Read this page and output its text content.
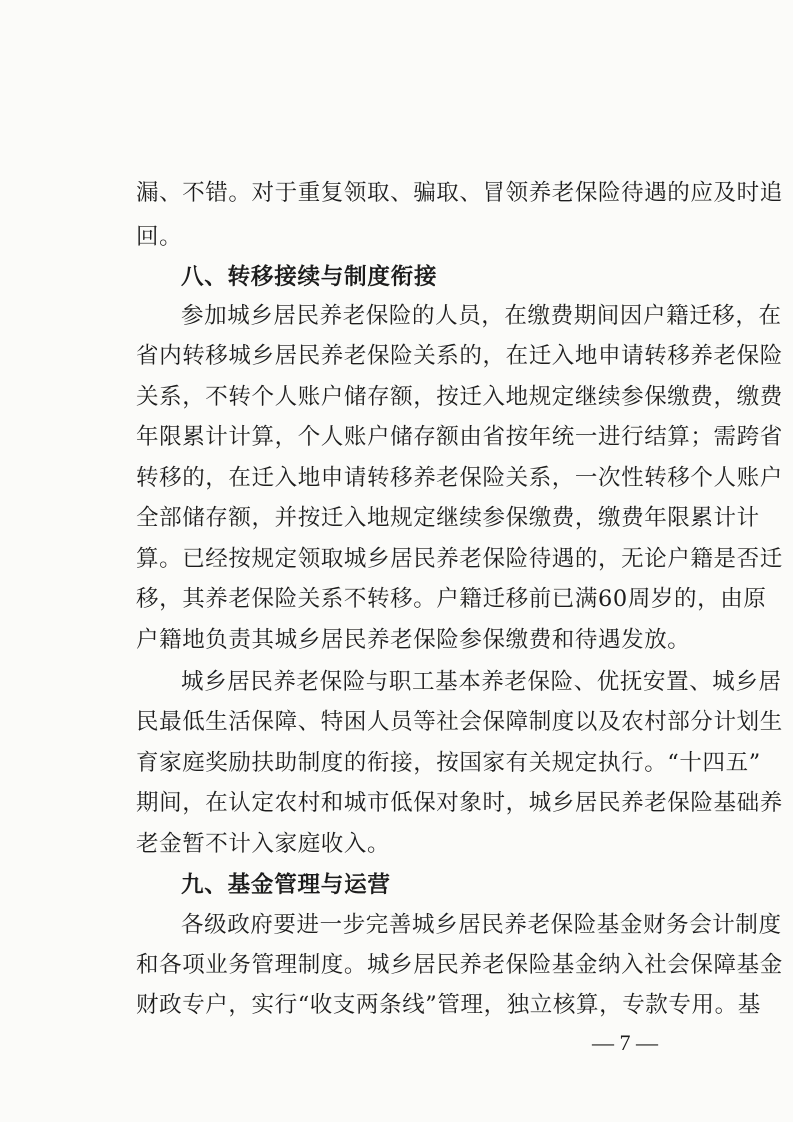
漏、不错。对于重复领取、骗取、冒领养老保险待遇的应及时追
回。
八、转移接续与制度衔接
参加城乡居民养老保险的人员，在缴费期间因户籍迁移，在
省内转移城乡居民养老保险关系的，在迁入地申请转移养老保险
关系，不转个人账户储存额，按迁入地规定继续参保缴费，缴费
年限累计计算，个人账户储存额由省按年统一进行结算；需跨省
转移的，在迁入地申请转移养老保险关系，一次性转移个人账户
全部储存额，并按迁入地规定继续参保缴费，缴费年限累计计
算。已经按规定领取城乡居民养老保险待遇的，无论户籍是否迁
移，其养老保险关系不转移。户籍迁移前已满60周岁的，由原
户籍地负责其城乡居民养老保险参保缴费和待遇发放。
城乡居民养老保险与职工基本养老保险、优抚安置、城乡居
民最低生活保障、特困人员等社会保障制度以及农村部分计划生
育家庭奖励扶助制度的衔接，按国家有关规定执行。“十四五”
期间，在认定农村和城市低保对象时，城乡居民养老保险基础养
老金暂不计入家庭收入。
九、基金管理与运营
各级政府要进一步完善城乡居民养老保险基金财务会计制度
和各项业务管理制度。城乡居民养老保险基金纳入社会保障基金
财政专户，实行“收支两条线”管理，独立核算，专款专用。基
— 7 —
